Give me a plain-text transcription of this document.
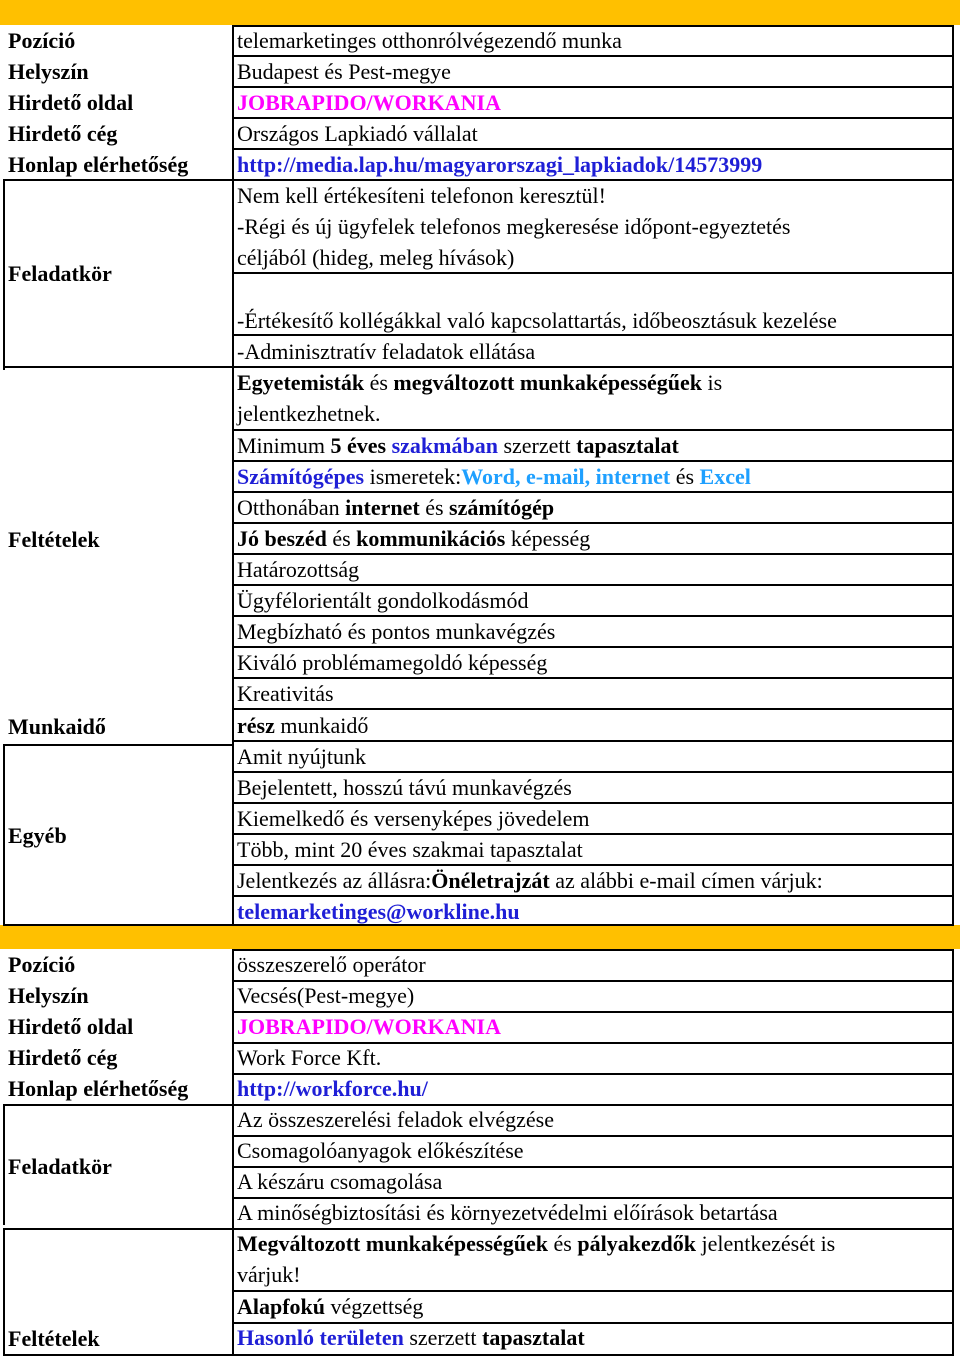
Pozíció
Helyszín
Hirdető oldal
Hirdető cég
Honlap elérhetőség
Feladatkör
Feltételek
Munkaidő
Egyéb
telemarketinges otthonrólvégezendő munka
Budapest és Pest-megye
JOBRAPIDO/WORKANIA
Országos Lapkiadó vállalat
http://media.lap.hu/magyarorszagi_lapkiadok/14573999
Nem kell értékesíteni telefonon keresztül!
-Régi és új ügyfelek telefonos megkeresése időpont-egyeztetés
céljából (hideg, meleg hívások)
-Értékesítő kollégákkal való kapcsolattartás, időbeosztásuk kezelése
-Adminisztratív feladatok ellátása
Egyetemisták és megváltozott munkaképességűek is
jelentkezhetnek.
Minimum 5 éves szakmában szerzett tapasztalat
Számítógépes ismeretek:Word, e-mail, internet és Excel
Otthonában internet és számítógép
Jó beszéd és kommunikációs képesség
Határozottság
Ügyfélorientált gondolkodásmód
Megbízható és pontos munkavégzés
Kiváló problémamegoldó képesség
Kreativitás
rész munkaidő
Amit nyújtunk
Bejelentett, hosszú távú munkavégzés
Kiemelkedő és versenyképes jövedelem
Több, mint 20 éves szakmai tapasztalat
Jelentkezés az állásra:Önéletrajzát az alábbi e-mail címen várjuk:
telemarketinges@workline.hu
Pozíció
Helyszín
Hirdető oldal
Hirdető cég
Honlap elérhetőség
Feladatkör
Feltételek
összeszerelő operátor
Vecsés(Pest-megye)
JOBRAPIDO/WORKANIA
Work Force Kft.
http://workforce.hu/
Az összeszerelési feladok elvégzése
Csomagolóanyagok előkészítése
A készáru csomagolása
A minőségbiztosítási és környezetvédelmi előírások betartása
Megváltozott munkaképességűek és pályakezdők jelentkezését is
várjuk!
Alapfokú végzettség
Hasonló területen szerzett tapasztalat
